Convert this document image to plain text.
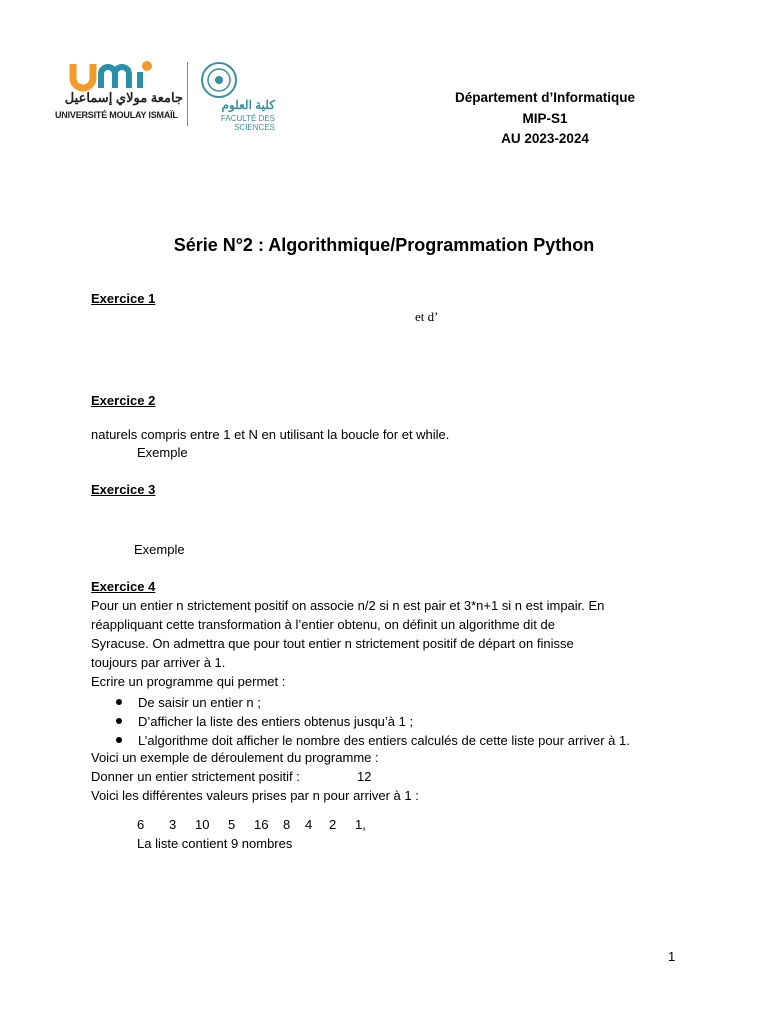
جامعة مولاي إسماعيل
UNIVERSITÉ MOULAY ISMAÏL
كلية العلوم
FACULTÉ DES SCIENCES
Département d’Informatique
MIP-S1
AU 2023-2024
Série N°2 : Algorithmique/Programmation Python
Exercice 1
et d’
Exercice 2
naturels compris entre 1 et N en utilisant la boucle for et while.
Exemple
Exercice 3
Exemple
Exercice 4
Pour un entier n strictement positif on associe n/2 si n est pair et 3*n+1 si n est impair. En
réappliquant cette transformation à l’entier obtenu, on définit un algorithme dit de
Syracuse. On admettra que pour tout entier n strictement positif de départ on finisse
toujours par arriver à 1.
Ecrire un programme qui permet :
De saisir un entier n ;
D’afficher la liste des entiers obtenus jusqu’à 1 ;
L’algorithme doit afficher le nombre des entiers calculés de cette liste pour arriver à 1.
Voici un exemple de déroulement du programme :
Donner un entier strictement positif :	12
Voici les différentes valeurs prises par n pour arriver à 1 :
6 3 10 5 16 8 4 2 1,
La liste contient 9 nombres
1
